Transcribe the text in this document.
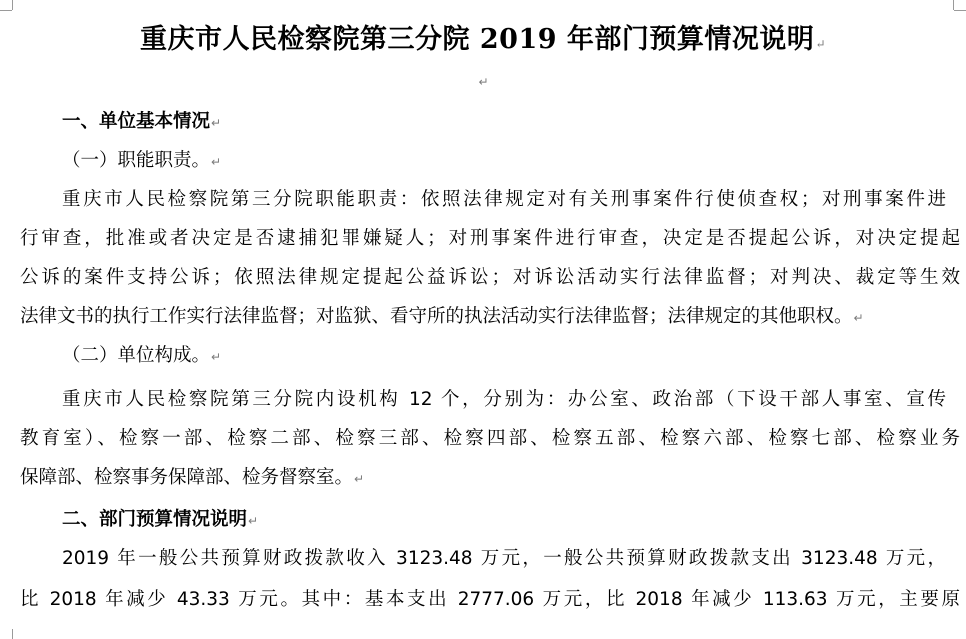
重庆市人民检察院第三分院 2019 年部门预算情况说明↵
↵
一、单位基本情况↵
（一）职能职责。↵
重庆市人民检察院第三分院职能职责：依照法律规定对有关刑事案件行使侦查权；对刑事案件进
行审查，批准或者决定是否逮捕犯罪嫌疑人；对刑事案件进行审查，决定是否提起公诉，对决定提起
公诉的案件支持公诉；依照法律规定提起公益诉讼；对诉讼活动实行法律监督；对判决、裁定等生效
法律文书的执行工作实行法律监督；对监狱、看守所的执法活动实行法律监督；法律规定的其他职权。↵
（二）单位构成。↵
重庆市人民检察院第三分院内设机构 12 个，分别为：办公室、政治部（下设干部人事室、宣传
教育室）、检察一部、检察二部、检察三部、检察四部、检察五部、检察六部、检察七部、检察业务
保障部、检察事务保障部、检务督察室。↵
二、部门预算情况说明↵
2019 年一般公共预算财政拨款收入 3123.48 万元，一般公共预算财政拨款支出 3123.48 万元，
比 2018 年减少 43.33 万元。其中：基本支出 2777.06 万元，比 2018 年减少 113.63 万元，主要原
